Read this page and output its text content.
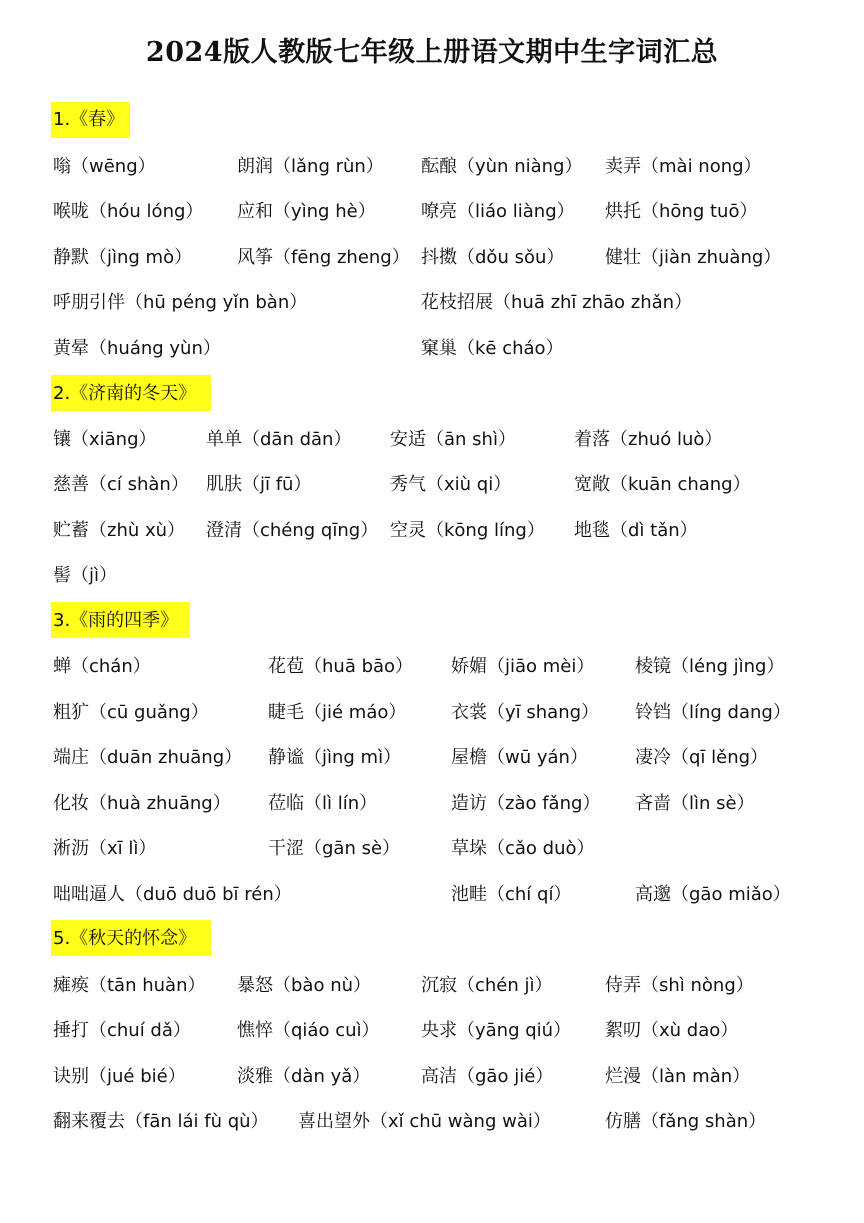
2024版人教版七年级上册语文期中生字词汇总
1.《春》
嗡（wēng）	朗润（lǎng rùn） 酝酿（yùn niàng） 卖弄（mài nong）
喉咙（hóu lóng） 应和（yìng hè）	嘹亮（liáo liàng） 烘托（hōng tuō）
静默（jìng mò） 风筝（fēng zheng） 抖擞（dǒu sǒu） 健壮（jiàn zhuàng）
呼朋引伴（hū péng yǐn bàn）	花枝招展（huā zhī zhāo zhǎn）
黄晕（huáng yùn）	窠巢（kē cháo）
2.《济南的冬天》
镶（xiāng）	单单（dān dān） 安适（ān shì）	着落（zhuó luò）
慈善（cí shàn） 肌肤（jī fū）	秀气（xiù qi）	宽敞（kuān chang）
贮蓄（zhù xù） 澄清（chéng qīng） 空灵（kōng líng） 地毯（dì tǎn）
髻（jì）
3.《雨的四季》
蝉（chán）	花苞（huā bāo） 娇媚（jiāo mèi） 棱镜（léng jìng）
粗犷（cū guǎng）	睫毛（jié máo） 衣裳（yī shang） 铃铛（líng dang）
端庄（duān zhuāng） 静谧（jìng mì）	屋檐（wū yán）	凄冷（qī lěng）
化妆（huà zhuāng） 莅临（lì lín）	造访（zào fǎng） 吝啬（lìn sè）
淅沥（xī lì）	干涩（gān sè）	草垛（cǎo duò）
咄咄逼人（duō duō bī rén）	池畦（chí qí）	高邈（gāo miǎo）
5.《秋天的怀念》
瘫痪（tān huàn） 暴怒（bào nù）	沉寂（chén jì）	侍弄（shì nòng）
捶打（chuí dǎ）	憔悴（qiáo cuì） 央求（yāng qiú） 絮叨（xù dao）
诀别（jué bié）	淡雅（dàn yǎ）	高洁（gāo jié）	烂漫（làn màn）
翻来覆去（fān lái fù qù） 喜出望外（xǐ chū wàng wài）	仿膳（fǎng shàn）
